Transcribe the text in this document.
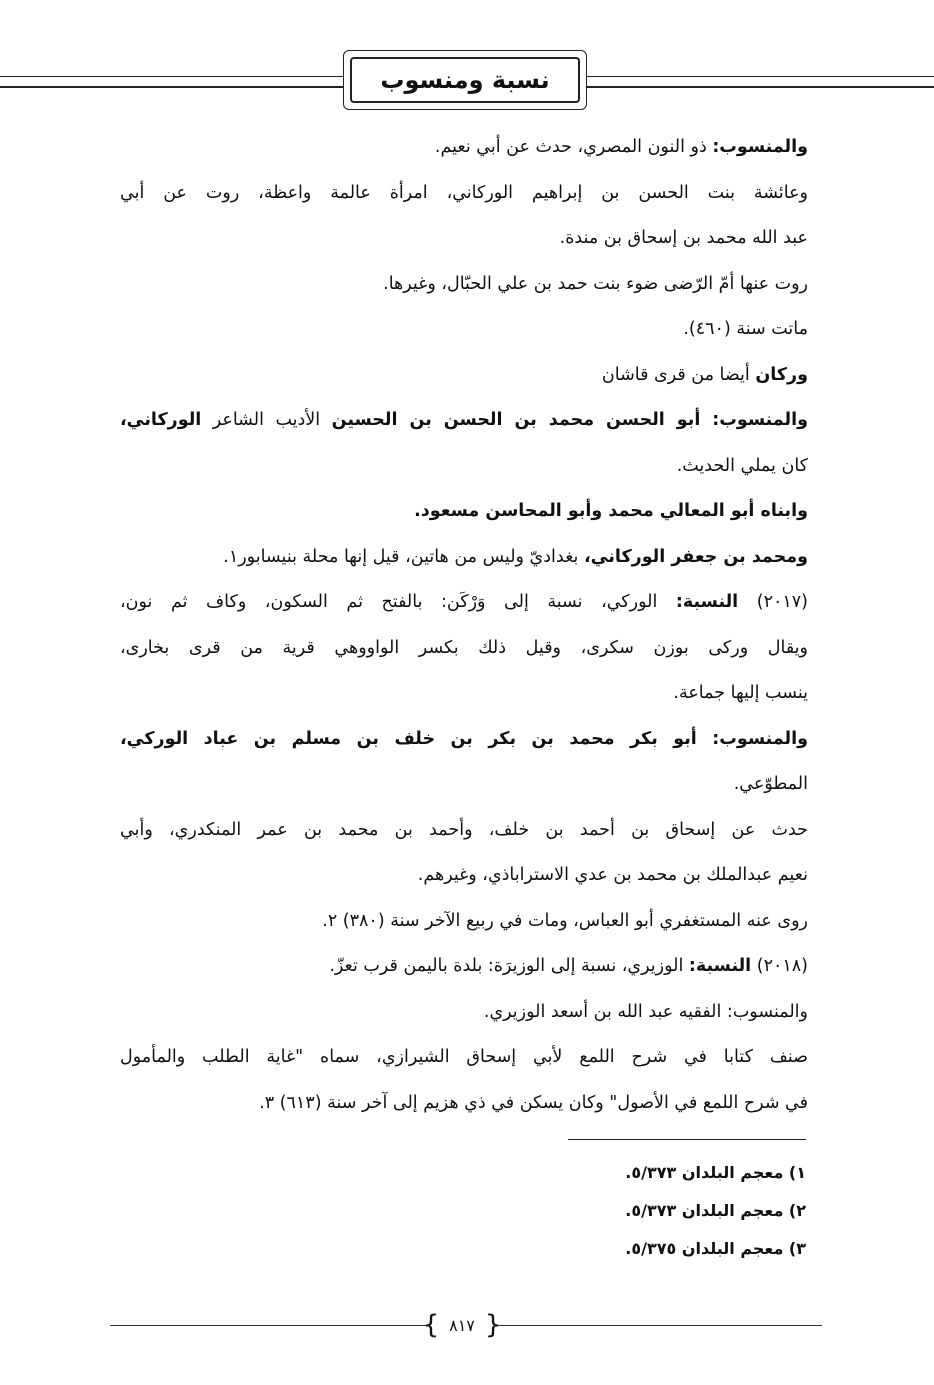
نسبة ومنسوب
والمنسوب: ذو النون المصري، حدث عن أبي نعيم.
وعائشة بنت الحسن بن إبراهيم الوركاني، امرأة عالمة واعظة، روت عن أبي
عبد الله محمد بن إسحاق بن مندة.
روت عنها أمّ الرّضى ضوء بنت حمد بن علي الحبّال، وغيرها.
ماتت سنة (٤٦٠).
وركان أيضا من قرى قاشان
والمنسوب: أبو الحسن محمد بن الحسن بن الحسين الأديب الشاعر الوركاني،
كان يملي الحديث.
وابناه أبو المعالي محمد وأبو المحاسن مسعود.
ومحمد بن جعفر الوركاني، بغداديّ وليس من هاتين، قيل إنها محلة بنيسابور١.
(٢٠١٧) النسبة: الوركي، نسبة إلى وَرْكَن: بالفتح ثم السكون، وكاف ثم نون،
ويقال وركى بوزن سكرى، وقيل ذلك بكسر الواووهي قرية من قرى بخارى،
ينسب إليها جماعة.
والمنسوب: أبو بكر محمد بن بكر بن خلف بن مسلم بن عباد الوركي،
المطوّعي.
حدث عن إسحاق بن أحمد بن خلف، وأحمد بن محمد بن عمر المنكدري، وأبي
نعيم عبدالملك بن محمد بن عدي الاستراباذي، وغيرهم.
روى عنه المستغفري أبو العباس، ومات في ربيع الآخر سنة (٣٨٠) ٢.
(٢٠١٨) النسبة: الوزيري، نسبة إلى الوزيرَة: بلدة باليمن قرب تعزّ.
والمنسوب: الفقيه عبد الله بن أسعد الوزيري.
صنف كتابا في شرح اللمع لأبي إسحاق الشيرازي، سماه "غاية الطلب والمأمول
في شرح اللمع في الأصول" وكان يسكن في ذي هزيم إلى آخر سنة (٦١٣) ٣.
١) معجم البلدان ٥/٣٧٣.
٢) معجم البلدان ٥/٣٧٣.
٣) معجم البلدان ٥/٣٧٥.
{ ٨١٧ }
